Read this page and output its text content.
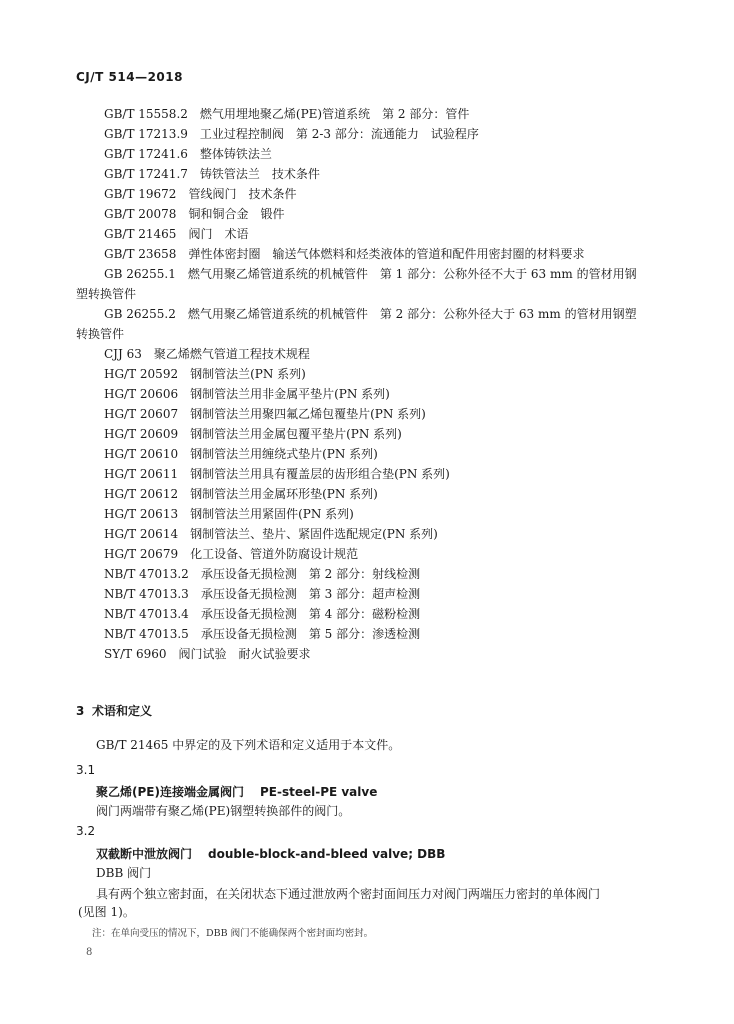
CJ/T 514—2018
GB/T 15558.2 燃气用埋地聚乙烯(PE)管道系统　第 2 部分：管件
GB/T 17213.9 工业过程控制阀　第 2-3 部分：流通能力　试验程序
GB/T 17241.6 整体铸铁法兰
GB/T 17241.7 铸铁管法兰　技术条件
GB/T 19672 管线阀门　技术条件
GB/T 20078 铜和铜合金　锻件
GB/T 21465 阀门　术语
GB/T 23658 弹性体密封圈　输送气体燃料和烃类液体的管道和配件用密封圈的材料要求
GB 26255.1 燃气用聚乙烯管道系统的机械管件　第 1 部分：公称外径不大于 63 mm 的管材用钢
塑转换管件
GB 26255.2 燃气用聚乙烯管道系统的机械管件　第 2 部分：公称外径大于 63 mm 的管材用钢塑
转换管件
CJJ 63 聚乙烯燃气管道工程技术规程
HG/T 20592 钢制管法兰(PN 系列)
HG/T 20606 钢制管法兰用非金属平垫片(PN 系列)
HG/T 20607 钢制管法兰用聚四氟乙烯包覆垫片(PN 系列)
HG/T 20609 钢制管法兰用金属包覆平垫片(PN 系列)
HG/T 20610 钢制管法兰用缠绕式垫片(PN 系列)
HG/T 20611 钢制管法兰用具有覆盖层的齿形组合垫(PN 系列)
HG/T 20612 钢制管法兰用金属环形垫(PN 系列)
HG/T 20613 钢制管法兰用紧固件(PN 系列)
HG/T 20614 钢制管法兰、垫片、紧固件选配规定(PN 系列)
HG/T 20679 化工设备、管道外防腐设计规范
NB/T 47013.2 承压设备无损检测　第 2 部分：射线检测
NB/T 47013.3 承压设备无损检测　第 3 部分：超声检测
NB/T 47013.4 承压设备无损检测　第 4 部分：磁粉检测
NB/T 47013.5 承压设备无损检测　第 5 部分：渗透检测
SY/T 6960 阀门试验　耐火试验要求
3 术语和定义
GB/T 21465 中界定的及下列术语和定义适用于本文件。
3.1
聚乙烯(PE)连接端金属阀门 PE-steel-PE valve
阀门两端带有聚乙烯(PE)钢塑转换部件的阀门。
3.2
双截断中泄放阀门 double-block-and-bleed valve; DBB
DBB 阀门
具有两个独立密封面，在关闭状态下通过泄放两个密封面间压力对阀门两端压力密封的单体阀门
(见图 1)。
注：在单向受压的情况下，DBB 阀门不能确保两个密封面均密封。
8
